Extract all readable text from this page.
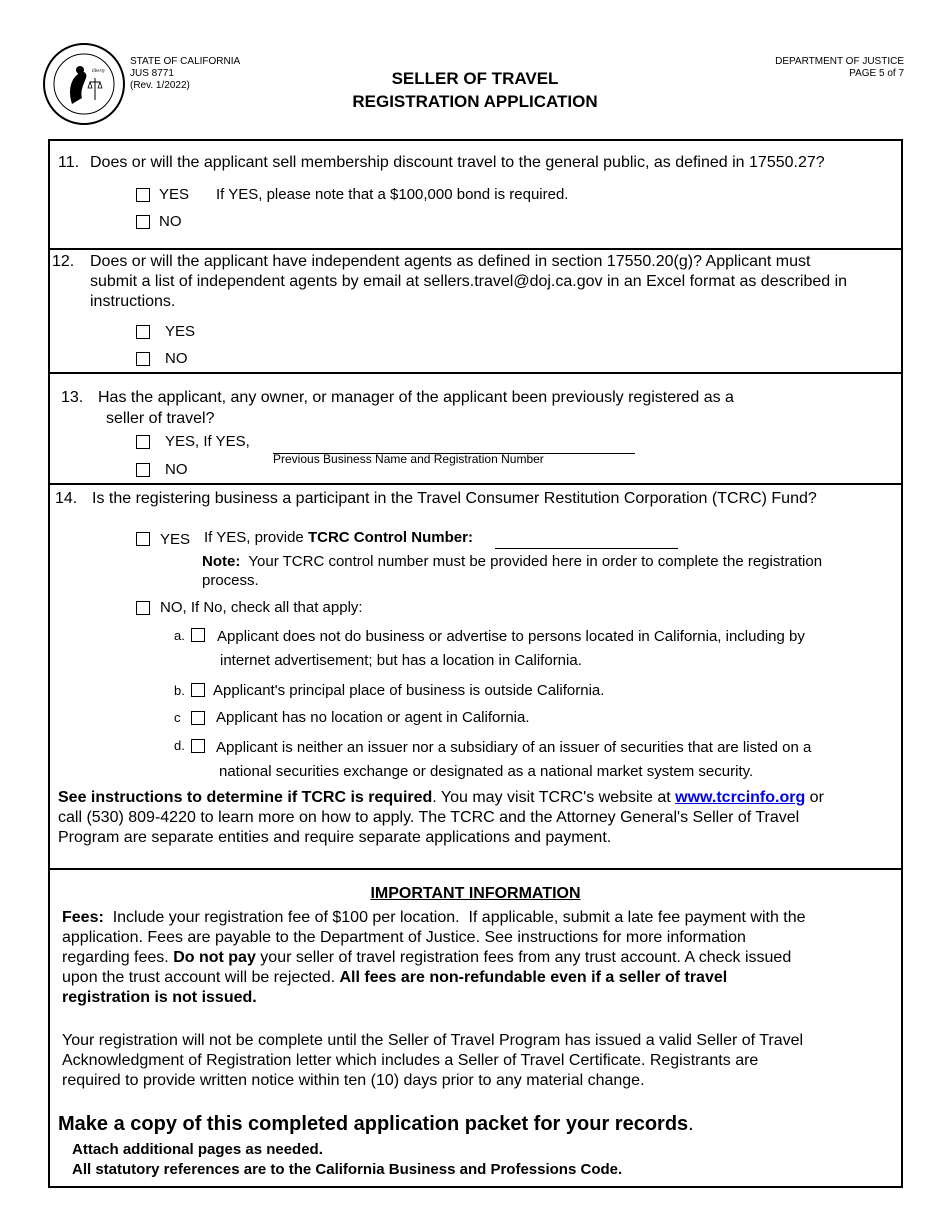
liberty
STATE OF CALIFORNIA
JUS 8771
(Rev. 1/2022)	SELLER OF TRAVEL
REGISTRATION APPLICATION
DEPARTMENT OF JUSTICE
PAGE 5 of 7
11. Does or will the applicant sell membership discount travel to the general public, as defined in 17550.27?
YES If YES, please note that a $100,000 bond is required.
NO
12. Does or will the applicant have independent agents as defined in section 17550.20(g)? Applicant must
submit a list of independent agents by email at sellers.travel@doj.ca.gov in an Excel format as described in
instructions.
YES
NO
13. Has the applicant, any owner, or manager of the applicant been previously registered as a
seller of travel?
YES, If YES,
Previous Business Name and Registration Number
NO
14. Is the registering business a participant in the Travel Consumer Restitution Corporation (TCRC) Fund?
YES If YES, provide TCRC Control Number:
Note: Your TCRC control number must be provided here in order to complete the registration
process.
NO, If No, check all that apply:
a. Applicant does not do business or advertise to persons located in California, including by
internet advertisement; but has a location in California.
b. Applicant's principal place of business is outside California.
c Applicant has no location or agent in California.
d. Applicant is neither an issuer nor a subsidiary of an issuer of securities that are listed on a
national securities exchange or designated as a national market system security.
See instructions to determine if TCRC is required. You may visit TCRC's website at www.tcrcinfo.org or
call (530) 809-4220 to learn more on how to apply. The TCRC and the Attorney General's Seller of Travel
Program are separate entities and require separate applications and payment.
IMPORTANT INFORMATION
Fees:  Include your registration fee of $100 per location.  If applicable, submit a late fee payment with the
application. Fees are payable to the Department of Justice. See instructions for more information
regarding fees. Do not pay your seller of travel registration fees from any trust account. A check issued
upon the trust account will be rejected. All fees are non-refundable even if a seller of travel
registration is not issued.
Your registration will not be complete until the Seller of Travel Program has issued a valid Seller of Travel
Acknowledgment of Registration letter which includes a Seller of Travel Certificate. Registrants are
required to provide written notice within ten (10) days prior to any material change.
Make a copy of this completed application packet for your records.
Attach additional pages as needed.
All statutory references are to the California Business and Professions Code.
